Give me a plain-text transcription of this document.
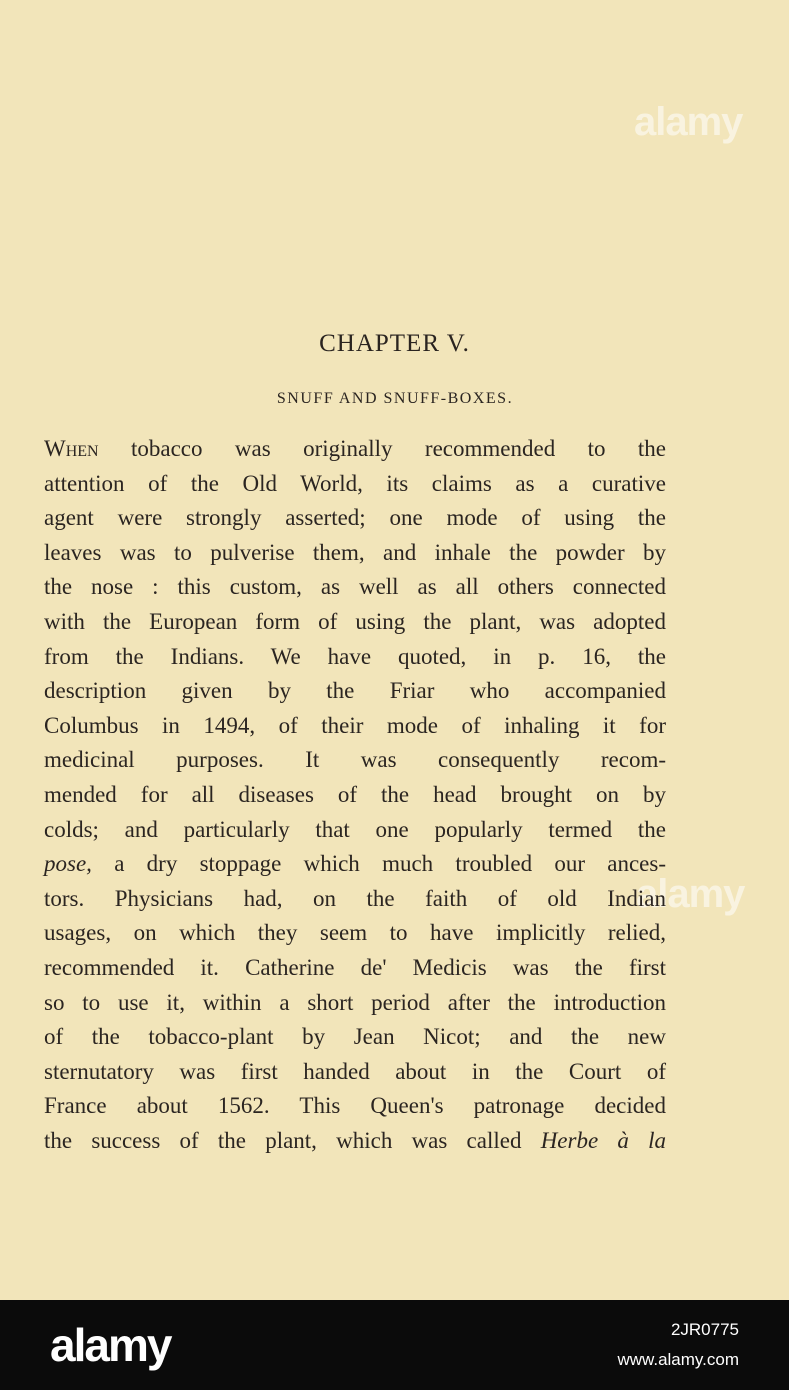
alamy
alamy
CHAPTER V.
SNUFF AND SNUFF-BOXES.
When tobacco was originally recommended to the
attention of the Old World, its claims as a curative
agent were strongly asserted; one mode of using the
leaves was to pulverise them, and inhale the powder by
the nose : this custom, as well as all others connected
with the European form of using the plant, was adopted
from the Indians. We have quoted, in p. 16, the
description given by the Friar who accompanied
Columbus in 1494, of their mode of inhaling it for
medicinal purposes. It was consequently recom-
mended for all diseases of the head brought on by
colds; and particularly that one popularly termed the
pose, a dry stoppage which much troubled our ances-
tors. Physicians had, on the faith of old Indian
usages, on which they seem to have implicitly relied,
recommended it. Catherine de' Medicis was the first
so to use it, within a short period after the introduction
of the tobacco-plant by Jean Nicot; and the new
sternutatory was first handed about in the Court of
France about 1562. This Queen's patronage decided
the success of the plant, which was called Herbe à la
alamy	2JR0775
www.alamy.com
